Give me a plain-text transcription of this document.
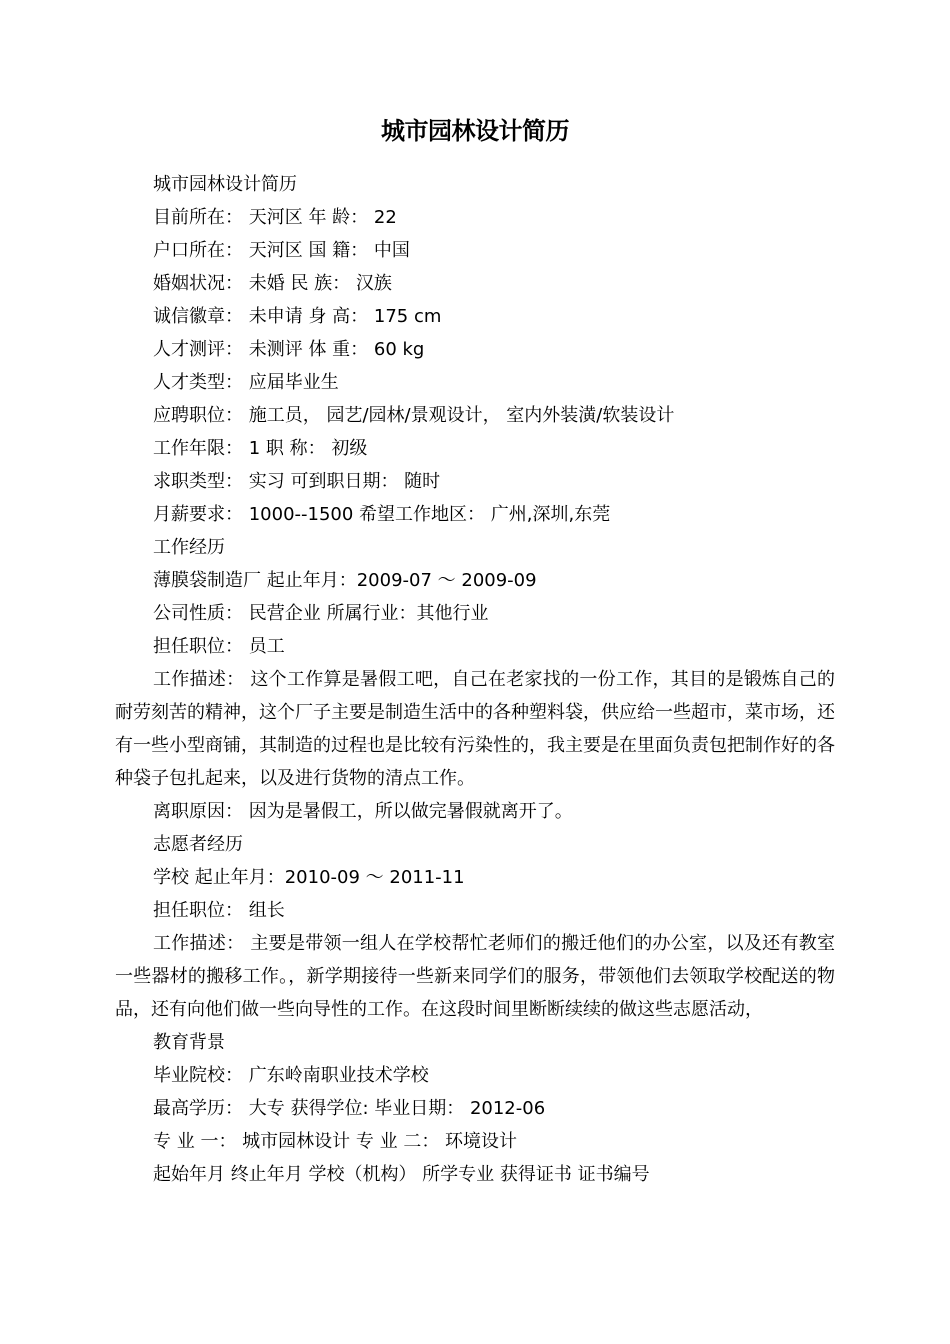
城市园林设计简历
城市园林设计简历
目前所在： 天河区 年 龄： 22
户口所在： 天河区 国 籍： 中国
婚姻状况： 未婚 民 族： 汉族
诚信徽章： 未申请 身 高： 175 cm
人才测评： 未测评 体 重： 60 kg
人才类型： 应届毕业生
应聘职位： 施工员， 园艺/园林/景观设计， 室内外装潢/软装设计
工作年限： 1 职 称： 初级
求职类型： 实习 可到职日期： 随时
月薪要求： 1000--1500 希望工作地区： 广州,深圳,东莞
工作经历
薄膜袋制造厂 起止年月：2009-07 ～ 2009-09
公司性质： 民营企业 所属行业：其他行业
担任职位： 员工
工作描述： 这个工作算是暑假工吧，自己在老家找的一份工作，其目的是锻炼自己的耐劳刻苦的精神，这个厂子主要是制造生活中的各种塑料袋，供应给一些超市，菜市场，还有一些小型商铺，其制造的过程也是比较有污染性的，我主要是在里面负责包把制作好的各种袋子包扎起来，以及进行货物的清点工作。
离职原因： 因为是暑假工，所以做完暑假就离开了。
志愿者经历
学校 起止年月：2010-09 ～ 2011-11
担任职位： 组长
工作描述： 主要是带领一组人在学校帮忙老师们的搬迁他们的办公室，以及还有教室一些器材的搬移工作。，新学期接待一些新来同学们的服务，带领他们去领取学校配送的物品，还有向他们做一些向导性的工作。在这段时间里断断续续的做这些志愿活动，
教育背景
毕业院校： 广东岭南职业技术学校
最高学历： 大专 获得学位: 毕业日期： 2012-06
专 业 一： 城市园林设计 专 业 二： 环境设计
起始年月 终止年月 学校（机构） 所学专业 获得证书 证书编号
